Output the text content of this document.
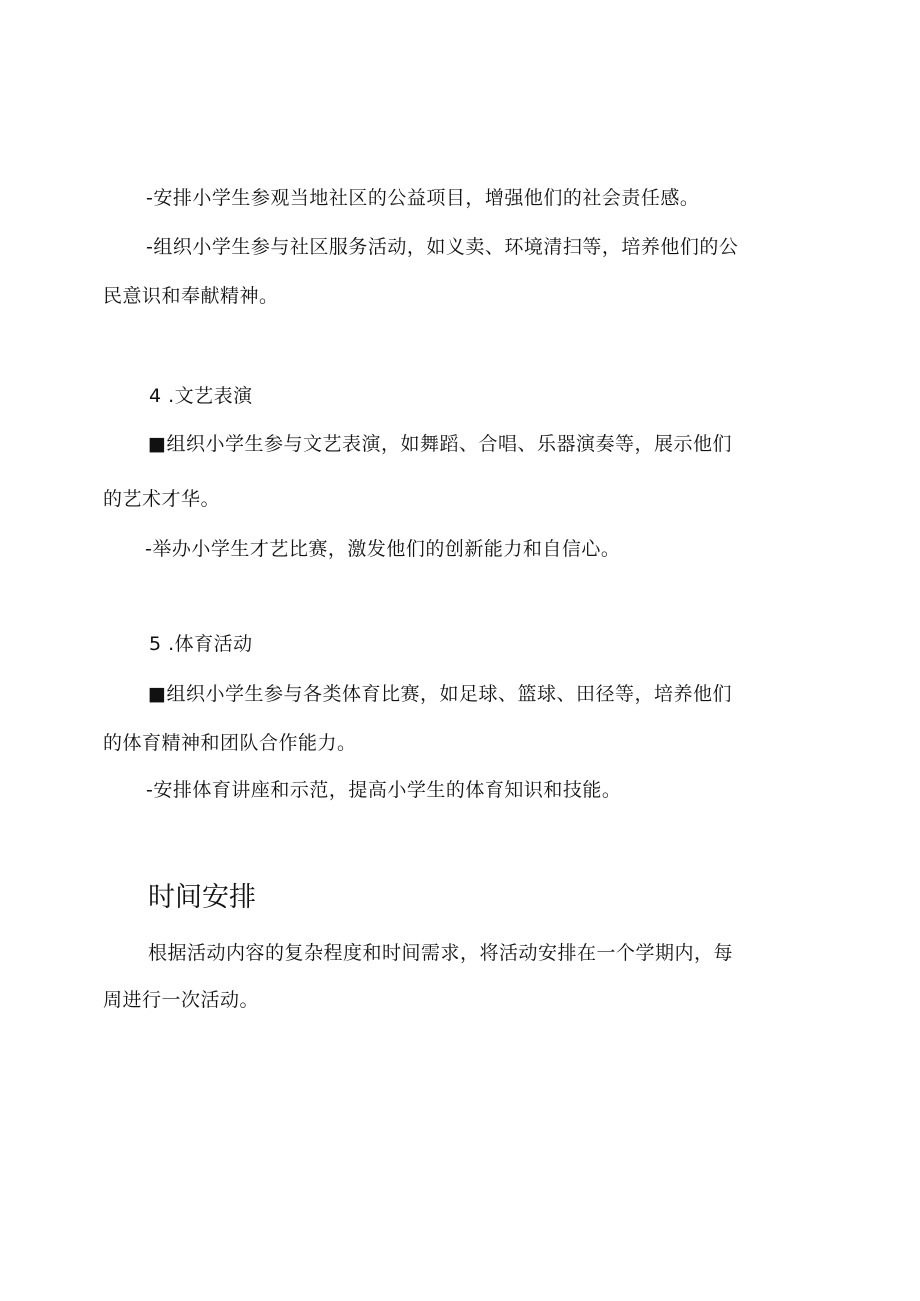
-安排小学生参观当地社区的公益项目，增强他们的社会责任感。
-组织小学生参与社区服务活动，如义卖、环境清扫等，培养他们的公
民意识和奉献精神。
4 .文艺表演
■组织小学生参与文艺表演，如舞蹈、合唱、乐器演奏等，展示他们
的艺术才华。
-举办小学生才艺比赛，激发他们的创新能力和自信心。
5 .体育活动
■组织小学生参与各类体育比赛，如足球、篮球、田径等，培养他们
的体育精神和团队合作能力。
-安排体育讲座和示范，提高小学生的体育知识和技能。
时间安排
根据活动内容的复杂程度和时间需求，将活动安排在一个学期内，每
周进行一次活动。
